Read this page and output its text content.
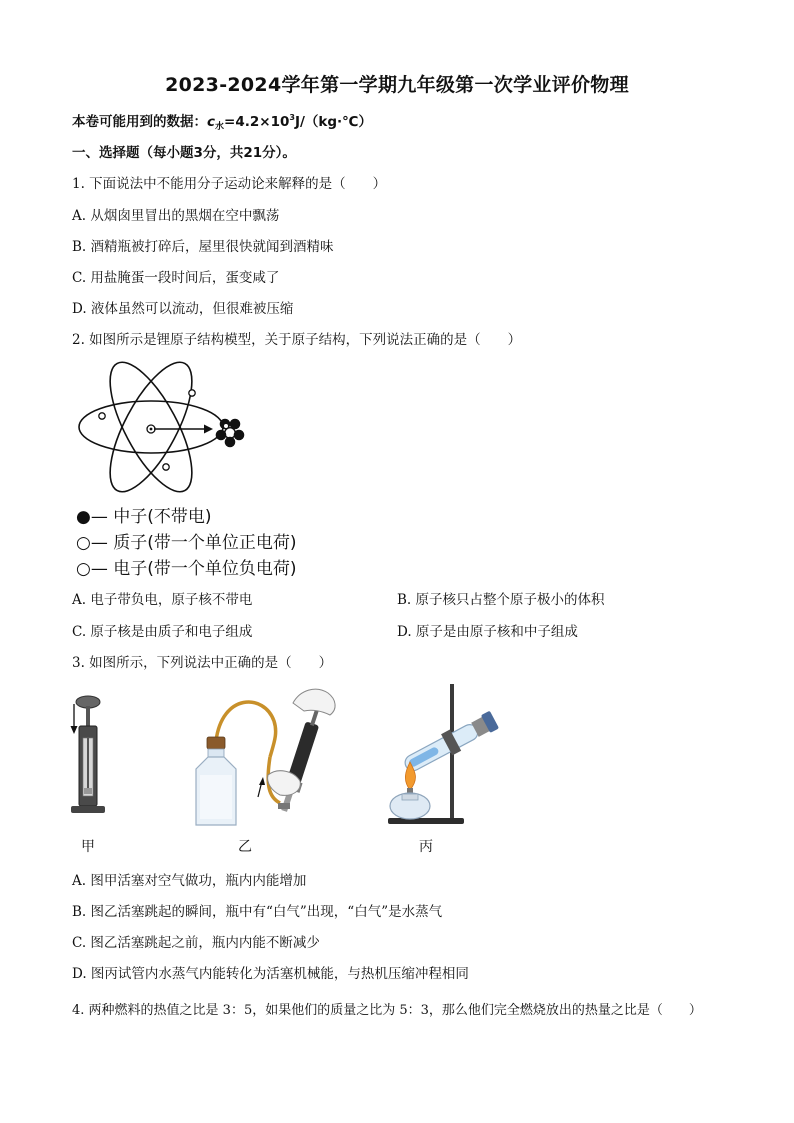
2023-2024学年第一学期九年级第一次学业评价物理
本卷可能用到的数据：$c_水=4.2\times 10^3J/(kg\cdot℃)$
一、选择题（每小题3分，共21分）。
1. 下面说法中不能用分子运动论来解释的是（　　）
A. 从烟囱里冒出的黑烟在空中飘荡
B. 酒精瓶被打碎后，屋里很快就闻到酒精味
C. 用盐腌蛋一段时间后，蛋变咸了
D. 液体虽然可以流动，但很难被压缩
2. 如图所示是锂原子结构模型，关于原子结构，下列说法正确的是（　　）
●— 中子(不带电)
○— 质子(带一个单位正电荷)
○— 电子(带一个单位负电荷)
A. 电子带负电，原子核不带电	B. 原子核只占整个原子极小的体积
C. 原子核是由质子和电子组成	D. 原子是由原子核和中子组成
3. 如图所示，下列说法中正确的是（　　）
甲	乙	丙
A. 图甲活塞对空气做功，瓶内内能增加
B. 图乙活塞跳起的瞬间，瓶中有“白气”出现，“白气”是水蒸气
C. 图乙活塞跳起之前，瓶内内能不断减少
D. 图丙试管内水蒸气内能转化为活塞机械能，与热机压缩冲程相同
4. 两种燃料的热值之比是 3：5，如果他们的质量之比为 5：3，那么他们完全燃烧放出的热量之比是（　　）
